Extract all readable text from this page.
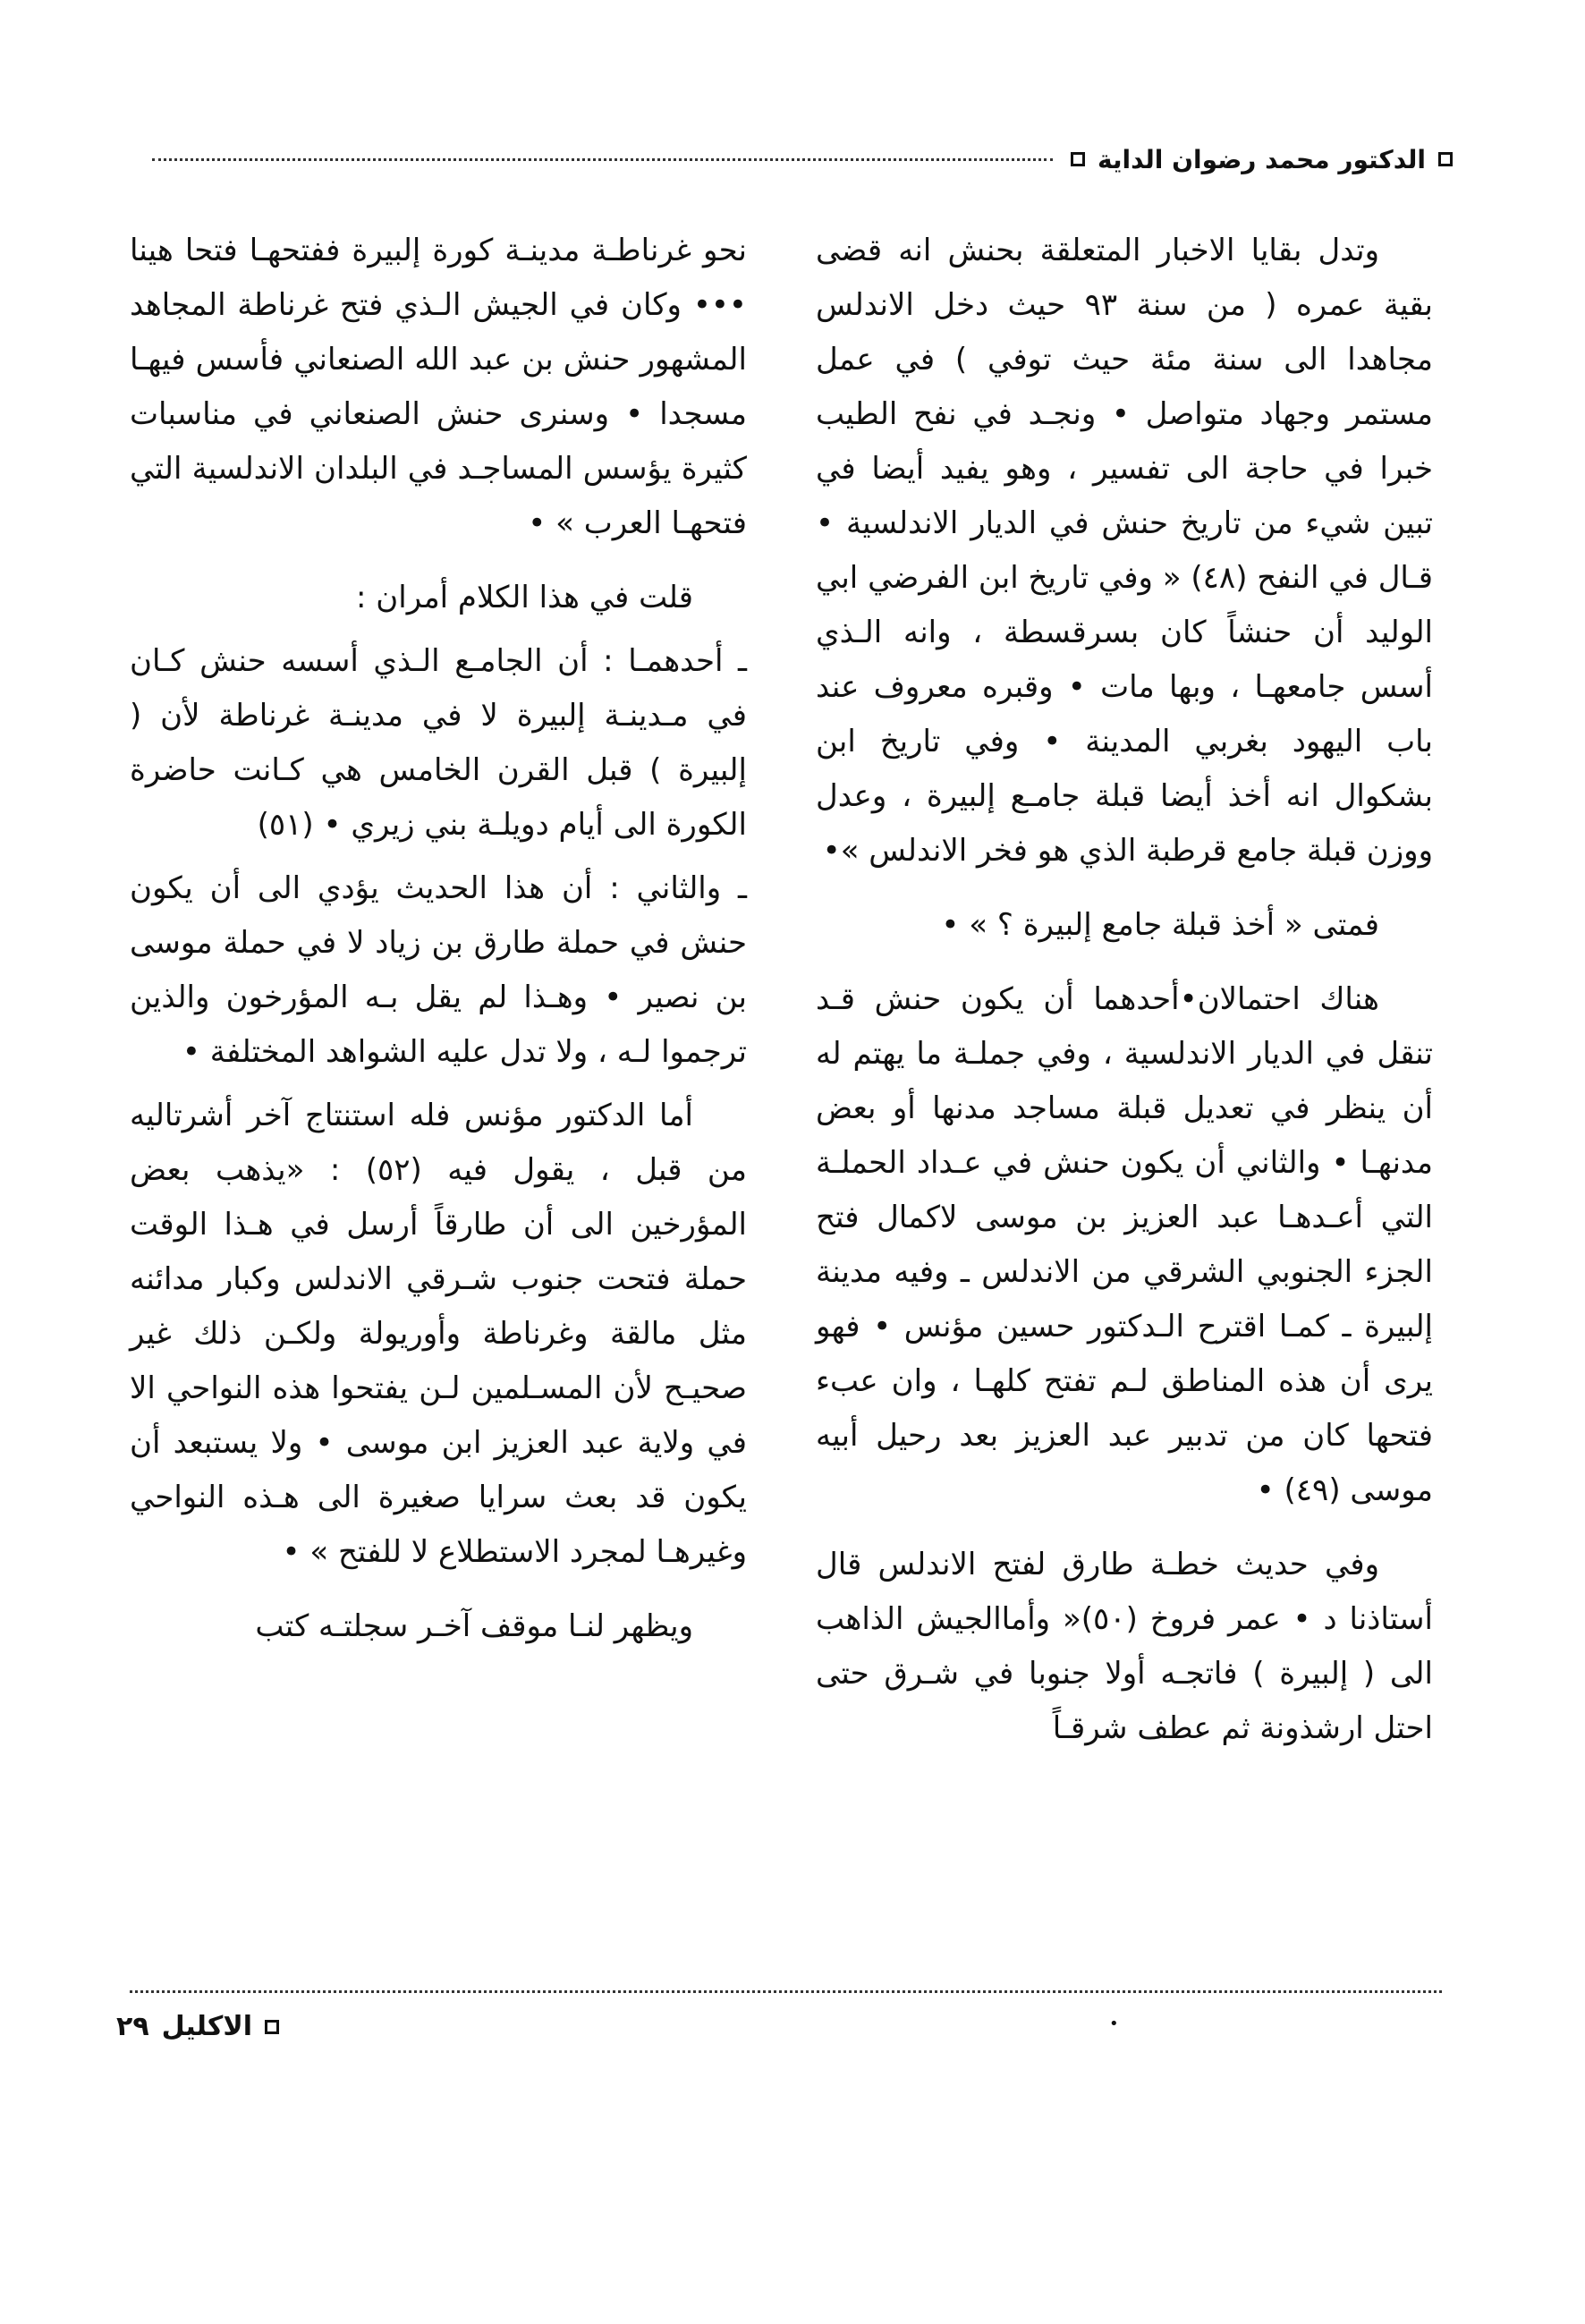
الدكتور محمد رضوان الداية

وتدل بقايا الاخبار المتعلقة بحنش انه قضى بقية عمره ( من سنة ٩٣ حيث دخل الاندلس مجاهدا الى سنة مئة حيث توفي ) في عمل مستمر وجهاد متواصل • ونجـد في نفح الطيب خبرا في حاجة الى تفسير ، وهو يفيد أيضا في تبين شيء من تاريخ حنش في الديار الاندلسية • قـال في النفح (٤٨) « وفي تاريخ ابن الفرضي ابي الوليد أن حنشاً كان بسرقسطة ، وانه الـذي أسس جامعهـا ، وبها مات • وقبره معروف عند باب اليهود بغربي المدينة • وفي تاريخ ابن بشكوال انه أخذ أيضا قبلة جامـع إلبيرة ، وعدل ووزن قبلة جامع قرطبة الذي هو فخر الاندلس »•

فمتى « أخذ قبلة جامع إلبيرة ؟ » •

هناك احتمالان•أحدهما أن يكون حنش قـد تنقل في الديار الاندلسية ، وفي جملـة ما يهتم له أن ينظر في تعديل قبلة مساجد مدنها أو بعض مدنهـا • والثاني أن يكون حنش في عـداد الحملـة التي أعـدهـا عبد العزيز بن موسى لاكمال فتح الجزء الجنوبي الشرقي من الاندلس ـ وفيه مدينة إلبيرة ـ كمـا اقترح الـدكتور حسين مؤنس • فهو يرى أن هذه المناطق لـم تفتح كلهـا ، وان عبء فتحها كان من تدبير عبد العزيز بعد رحيل أبيه موسى (٤٩) •

وفي حديث خطـة طارق لفتح الاندلس قال أستاذنا د • عمر فروخ (٥٠)« وأماالجيش الذاهب الى ( إلبيرة ) فاتجـه أولا جنوبا في شـرق حتى احتل ارشذونة ثم عطف شرقـاً

نحو غرناطـة مدينـة كورة إلبيرة ففتحهـا فتحا هينا ••• وكان في الجيش الـذي فتح غرناطة المجاهد المشهور حنش بن عبد الله الصنعاني فأسس فيهـا مسجدا • وسنرى حنش الصنعاني في مناسبات كثيرة يؤسس المساجـد في البلدان الاندلسية التي فتحهـا العرب » •

قلت في هذا الكلام أمران :

ـ أحدهمـا : أن الجامـع الـذي أسسه حنش كـان في مـدينـة إلبيرة لا في مدينـة غرناطة لأن ( إلبيرة ) قبل القرن الخامس هي كـانت حاضرة الكورة الى أيام دويلـة بني زيري • (٥١)

ـ والثاني : أن هذا الحديث يؤدي الى أن يكون حنش في حملة طارق بن زياد لا في حملة موسى بن نصير • وهـذا لم يقل بـه المؤرخون والذين ترجموا لـه ، ولا تدل عليه الشواهد المختلفة •

أما الدكتور مؤنس فله استنتاج آخر أشرتاليه من قبل ، يقول فيه (٥٢) : «يذهب بعض المؤرخين الى أن طارقاً أرسل في هـذا الوقت حملة فتحت جنوب شـرقي الاندلس وكبار مدائنه مثل مالقة وغرناطة وأوريولة ولكـن ذلك غير صحيـح لأن المسـلمين لـن يفتحوا هذه النواحي الا في ولاية عبد العزيز ابن موسى • ولا يستبعد أن يكون قد بعث سرايا صغيرة الى هـذه النواحي وغيرهـا لمجرد الاستطلاع لا للفتح » •

ويظهر لنـا موقف آخـر سجلتـه كتب

•
الاكليل
٢٩
